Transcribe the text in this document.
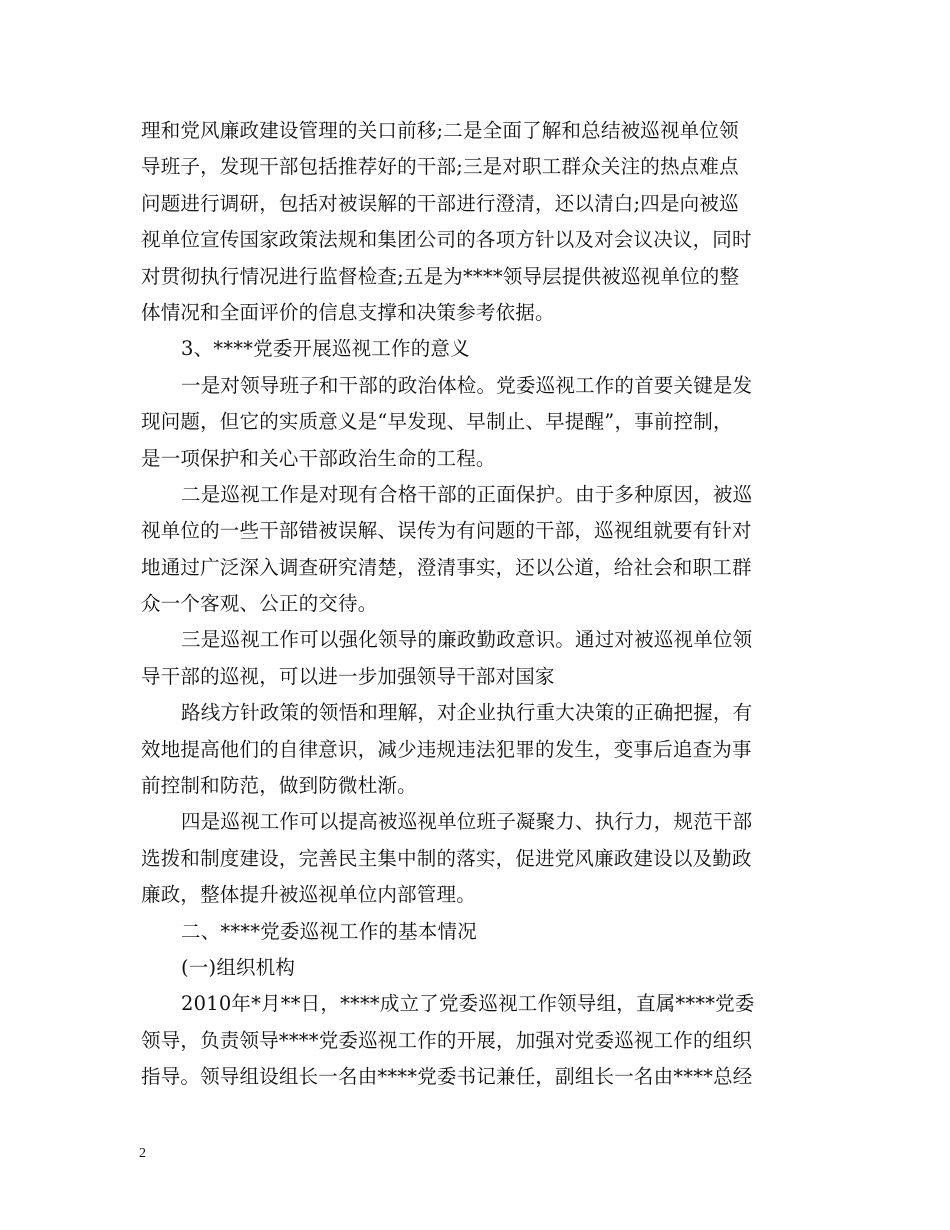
理和党风廉政建设管理的关口前移;二是全面了解和总结被巡视单位领
导班子，发现干部包括推荐好的干部;三是对职工群众关注的热点难点
问题进行调研，包括对被误解的干部进行澄清，还以清白;四是向被巡
视单位宣传国家政策法规和集团公司的各项方针以及对会议决议，同时
对贯彻执行情况进行监督检查;五是为****领导层提供被巡视单位的整
体情况和全面评价的信息支撑和决策参考依据。
3、****党委开展巡视工作的意义
一是对领导班子和干部的政治体检。党委巡视工作的首要关键是发
现问题，但它的实质意义是“早发现、早制止、早提醒”，事前控制，
是一项保护和关心干部政治生命的工程。
二是巡视工作是对现有合格干部的正面保护。由于多种原因，被巡
视单位的一些干部错被误解、误传为有问题的干部，巡视组就要有针对
地通过广泛深入调查研究清楚，澄清事实，还以公道，给社会和职工群
众一个客观、公正的交待。
三是巡视工作可以强化领导的廉政勤政意识。通过对被巡视单位领
导干部的巡视，可以进一步加强领导干部对国家
路线方针政策的领悟和理解，对企业执行重大决策的正确把握，有
效地提高他们的自律意识，减少违规违法犯罪的发生，变事后追查为事
前控制和防范，做到防微杜渐。
四是巡视工作可以提高被巡视单位班子凝聚力、执行力，规范干部
选拨和制度建设，完善民主集中制的落实，促进党风廉政建设以及勤政
廉政，整体提升被巡视单位内部管理。
二、****党委巡视工作的基本情况
(一)组织机构
2010年*月**日，****成立了党委巡视工作领导组，直属****党委
领导，负责领导****党委巡视工作的开展，加强对党委巡视工作的组织
指导。领导组设组长一名由****党委书记兼任，副组长一名由****总经
2
